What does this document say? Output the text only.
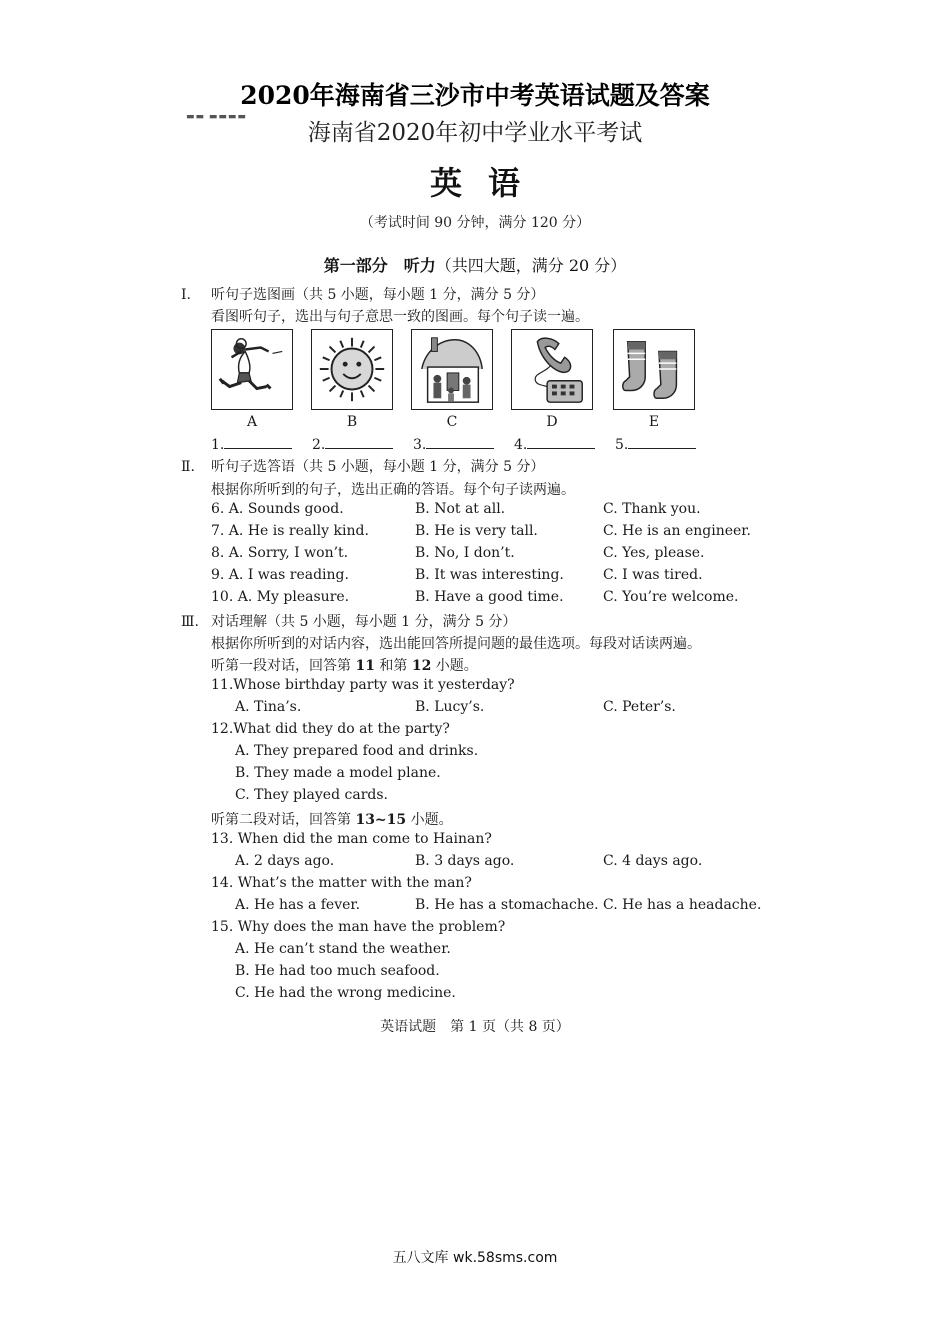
2020年海南省三沙市中考英语试题及答案
▬▬ ▬▬▬▬
海南省2020年初中学业水平考试
英语
（考试时间 90 分钟，满分 120 分）
第一部分　听力（共四大题，满分 20 分）
Ⅰ. 听句子选图画（共 5 小题，每小题 1 分，满分 5 分）
看图听句子，选出与句子意思一致的图画。每个句子读一遍。
A	B	C	D	E
1.	2.	3.	4.	5.
Ⅱ. 听句子选答语（共 5 小题，每小题 1 分，满分 5 分）
根据你所听到的句子，选出正确的答语。每个句子读两遍。
6. A. Sounds good.	B. Not at all.	C. Thank you.
7. A. He is really kind.	B. He is very tall.	C. He is an engineer.
8. A. Sorry, I won’t.	B. No, I don’t.	C. Yes, please.
9. A. I was reading.	B. It was interesting.	C. I was tired.
10. A. My pleasure.	B. Have a good time.	C. You’re welcome.
Ⅲ. 对话理解（共 5 小题，每小题 1 分，满分 5 分）
根据你所听到的对话内容，选出能回答所提问题的最佳选项。每段对话读两遍。
听第一段对话，回答第 11 和第 12 小题。
11.Whose birthday party was it yesterday?
A. Tina’s.	B. Lucy’s.	C. Peter’s.
12.What did they do at the party?
A. They prepared food and drinks.
B. They made a model plane.
C. They played cards.
听第二段对话，回答第 13~15 小题。
13. When did the man come to Hainan?
A. 2 days ago.	B. 3 days ago.	C. 4 days ago.
14. What’s the matter with the man?
A. He has a fever.	B. He has a stomachache. C. He has a headache.
15. Why does the man have the problem?
A. He can’t stand the weather.
B. He had too much seafood.
C. He had the wrong medicine.
英语试题　第 1 页（共 8 页）
五八文库 wk.58sms.com
